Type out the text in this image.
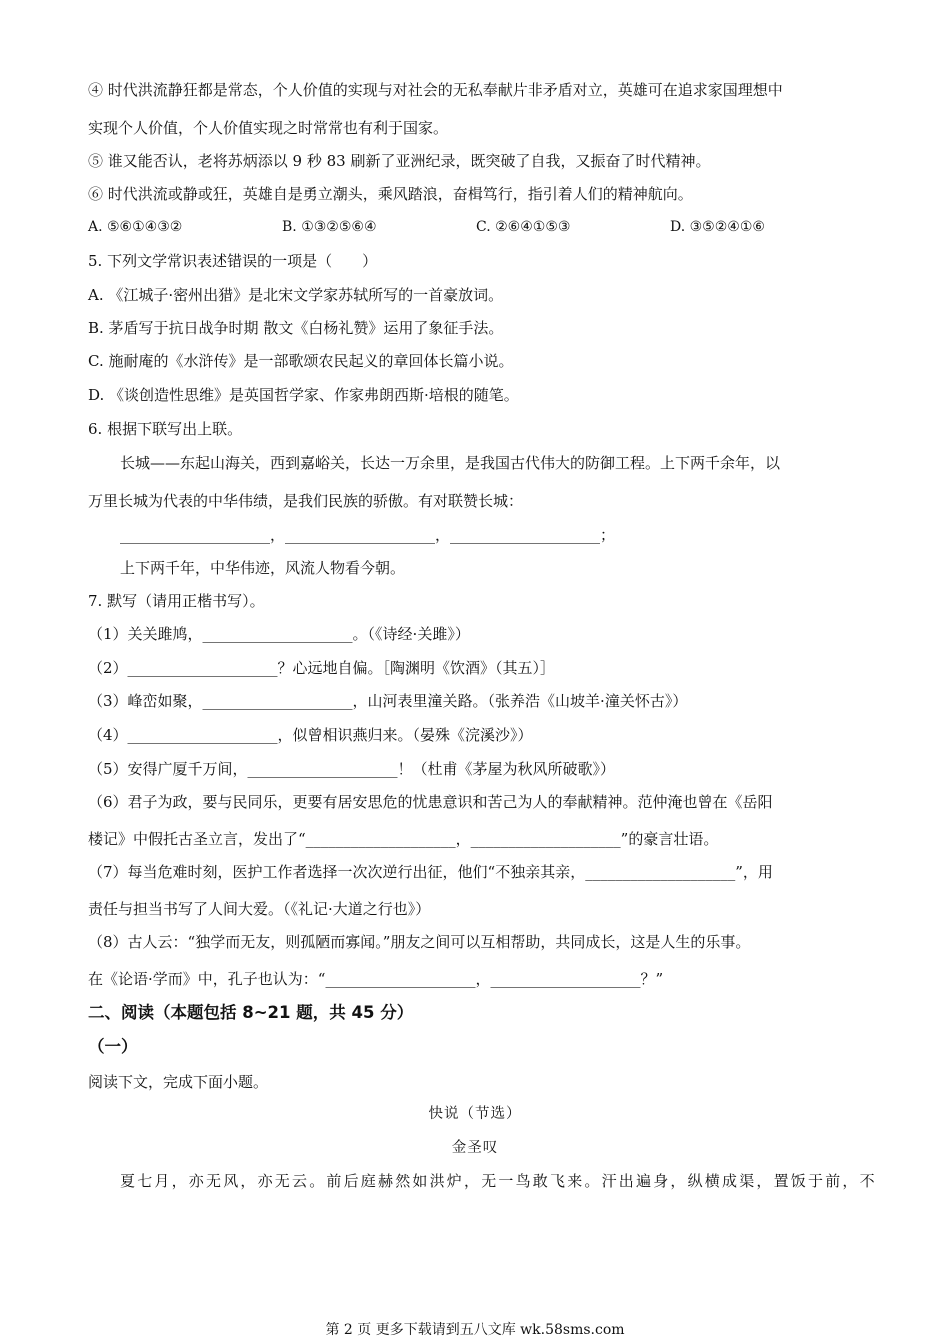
④ 时代洪流静狂都是常态，个人价值的实现与对社会的无私奉献片非矛盾对立，英雄可在追求家国理想中
实现个人价值，个人价值实现之时常常也有利于国家。
⑤ 谁又能否认，老将苏炳添以 9 秒 83 刷新了亚洲纪录，既突破了自我，又振奋了时代精神。
⑥ 时代洪流或静或狂，英雄自是勇立潮头，乘风踏浪，奋楫笃行，指引着人们的精神航向。
A. ⑤⑥①④③②	B. ①③②⑤⑥④	C. ②⑥④①⑤③	D. ③⑤②④①⑥
5. 下列文学常识表述错误的一项是（　　）
A. 《江城子·密州出猎》是北宋文学家苏轼所写的一首豪放词。
B. 茅盾写于抗日战争时期 散文《白杨礼赞》运用了象征手法。
C. 施耐庵的《水浒传》是一部歌颂农民起义的章回体长篇小说。
D. 《谈创造性思维》是英国哲学家、作家弗朗西斯·培根的随笔。
6. 根据下联写出上联。
长城——东起山海关，西到嘉峪关，长达一万余里，是我国古代伟大的防御工程。上下两千余年，以
万里长城为代表的中华伟绩，是我们民族的骄傲。有对联赞长城：
____________________，____________________，____________________；
上下两千年，中华伟迹，风流人物看今朝。
7. 默写（请用正楷书写）。
（1）关关雎鸠，____________________。（《诗经·关雎》）
（2）____________________？心远地自偏。［陶渊明《饮酒》（其五）］
（3）峰峦如聚，____________________，山河表里潼关路。（张养浩《山坡羊·潼关怀古》）
（4）____________________，似曾相识燕归来。（晏殊《浣溪沙》）
（5）安得广厦千万间，____________________！（杜甫《茅屋为秋风所破歌》）
（6）君子为政，要与民同乐，更要有居安思危的忧患意识和苦己为人的奉献精神。范仲淹也曾在《岳阳
楼记》中假托古圣立言，发出了“____________________，____________________”的豪言壮语。
（7）每当危难时刻，医护工作者选择一次次逆行出征，他们“不独亲其亲，____________________”，用
责任与担当书写了人间大爱。（《礼记·大道之行也》）
（8）古人云：“独学而无友，则孤陋而寡闻。”朋友之间可以互相帮助，共同成长，这是人生的乐事。
在《论语·学而》中，孔子也认为：“____________________，____________________？”
二、阅读（本题包括 8~21 题，共 45 分）
（一）
阅读下文，完成下面小题。
快说（节选）
金圣叹
夏七月，亦无风，亦无云。前后庭赫然如洪炉，无一鸟敢飞来。汗出遍身，纵横成渠，置饭于前，不
第 2 页 更多下载请到五八文库 wk.58sms.com
